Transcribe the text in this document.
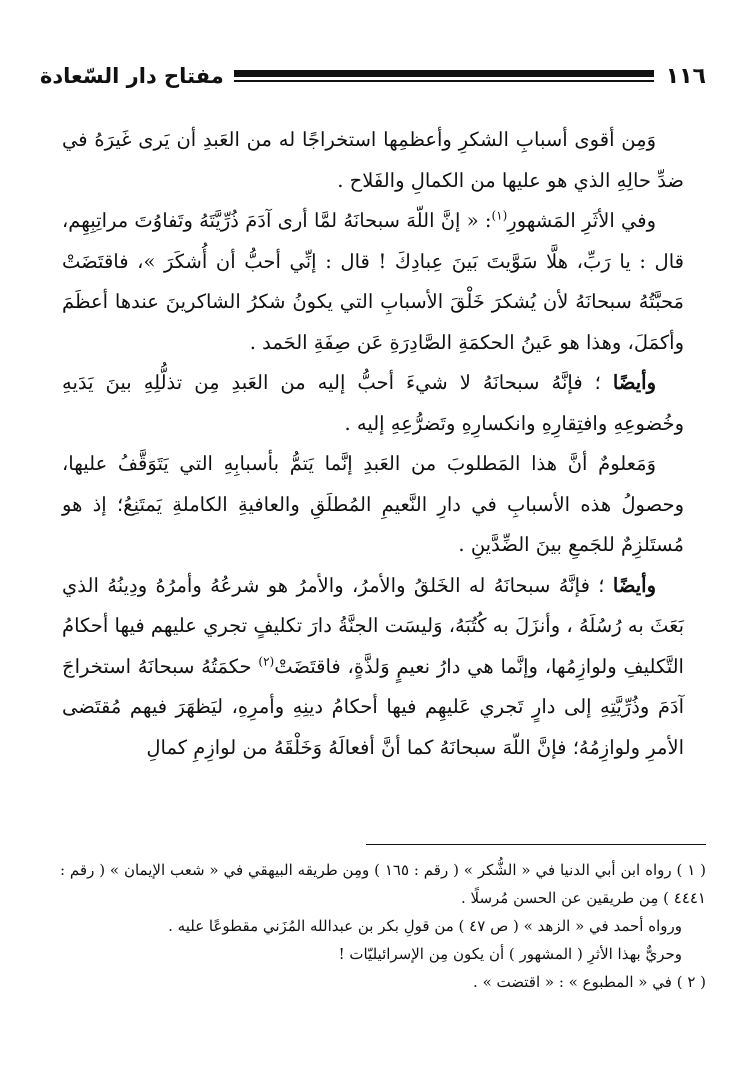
مفتاح دار السّعادة	١١٦

وَمِن أقوى أسبابِ الشكرِ وأعظمِها استخراجًا له من العَبدِ أن يَرى غَيرَهُ في ضدِّ حالِهِ الذي هو عليها من الكمالِ والفَلاح .

وفي الأثَرِ المَشهورِ$^{(١)}$: « إنَّ اللّهَ سبحانَهُ لمَّا أرى آدَمَ ذُرِّيَّتَهُ وتَفاوُتَ مراتِبِهِم، قال : يا رَبِّ، هلَّا سَوَّيتَ بَينَ عِبادِكَ ! قال : إنِّي أحبُّ أن أُشكَرَ »، فاقتَضَتْ مَحبَّتُهُ سبحانَهُ لأن يُشكرَ خَلْقَ الأسبابِ التي يكونُ شكرُ الشاكرينَ عندها أعظَمَ وأكمَلَ، وهذا هو عَينُ الحكمَةِ الصَّادِرَةِ عَن صِفَةِ الحَمد .

وأيضًا ؛ فإنَّهُ سبحانَهُ لا شيءَ أحبُّ إليه من العَبدِ مِن تذلُّلِهِ بينَ يَدَيهِ وخُضوعِهِ وافتِقارِهِ وانكسارِهِ وتَضرُّعِهِ إليه .

وَمَعلومٌ أنَّ هذا المَطلوبَ من العَبدِ إنَّما يَتمُّ بأسبابِهِ التي يَتَوَقَّفُ عليها، وحصولُ هذه الأسبابِ في دارِ النَّعيمِ المُطلَقِ والعافيةِ الكاملةِ يَمتَنِعُ؛ إذ هو مُستَلزِمٌ للجَمعِ بينَ الضِّدَّينِ .

وأيضًا ؛ فإنَّهُ سبحانَهُ له الخَلقُ والأمرُ، والأمرُ هو شرعُهُ وأمرُهُ ودِينُهُ الذي بَعَثَ به رُسُلَهُ ، وأنزَلَ به كُتُبَهُ، وَليسَت الجنَّةُ دارَ تكليفٍ تجري عليهم فيها أحكامُ التَّكليفِ ولوازِمُها، وإنَّما هي دارُ نعيمٍ وَلذَّةٍ، فاقتَضَتْ$^{(٢)}$ حكمَتُهُ سبحانَهُ استخراجَ آدَمَ وذُرِّيَّتِهِ إلى دارٍ تَجري عَليهِم فيها أحكامُ دينِهِ وأمرِهِ، ليَظهَرَ فيهم مُقتَضى الأمرِ ولوازِمُهُ؛ فإنَّ اللّهَ سبحانَهُ كما أنَّ أفعالَهُ وَخَلْقَهُ من لوازِمِ كمالِ

( ١ ) رواه ابن أبي الدنيا في « الشُّكر » ( رقم : ١٦٥ ) ومِن طريقه البيهقي في « شعب الإيمان » ( رقم : ٤٤٤١ ) مِن طريقين عن الحسن مُرسلًا .

ورواه أحمد في « الزهد » ( ص ٤٧ ) من قولِ بكر بن عبدالله المُزَني مقطوعًا عليه .

وحريٌّ بهذا الأثرِ ( المشهور ) أن يكون مِن الإسرائيليّات !

( ٢ ) في « المطبوع » : « اقتضت » .
